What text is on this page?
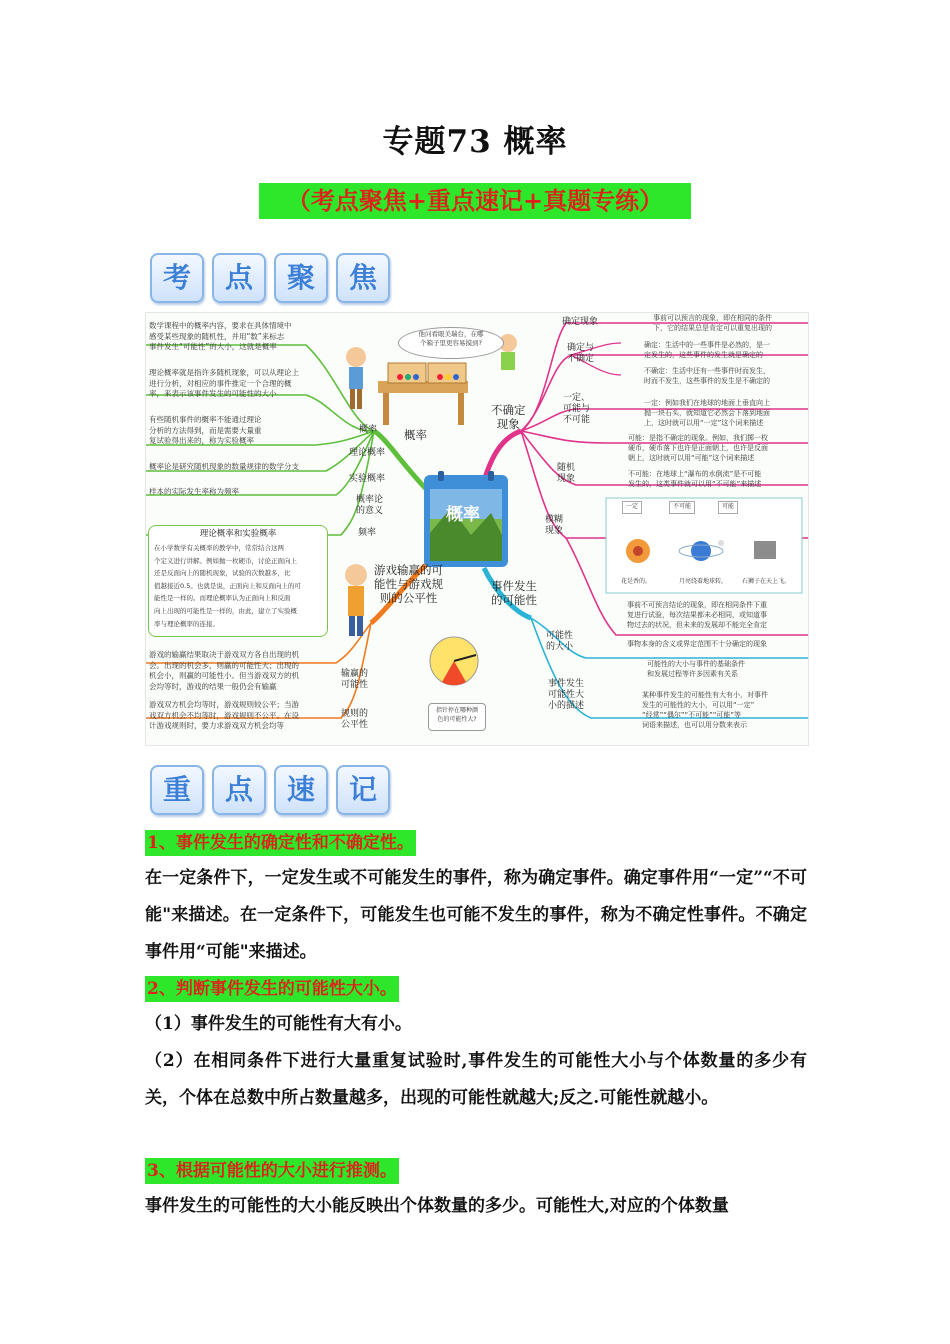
专题73 概率
（考点聚焦+重点速记+真题专练）
考	点	聚	焦
他问看眼美瑞台，在哪
个箱子里更容易摸到?
概率
不确定
现象
游戏输赢的可
能性与游戏规
则的公平性
事件发生
的可能性
概率
概率
理论概率
实验概率
概率论
的意义
频率
输赢的
可能性
规则的
公平性
数学课程中的概率内容，要求在具体情境中
感受某些现象的随机性，并用“数”来标志
事件发生“可能性”的大小，这就是概率
理论概率就是指许多随机现象，可以从理论上
进行分析，对相应的事件推定一个合理的概
率，来表示该事件发生的可能性的大小
有些随机事件的概率不能通过理论
分析的方法得到，而是需要大量重
复试验得出来的，称为实验概率
概率论是研究随机现象的数量规律的数学分支
样本的实际发生率称为频率
游戏的输赢结果取决于游戏双方各自出现的机
会。出现的机会多，则赢的可能性大；出现的
机会小，则赢的可能性小。但当游戏双方的机
会均等时，游戏的结果一般仍会有输赢
游戏双方机会均等时，游戏规则较公平；当游
戏双方机会不均等时，游戏规则不公平。在设
计游戏规则时，要力求游戏双方机会均等
理论概率和实验概率
在小学数学有关概率的教学中，常常结合这两
个定义进行讲解。例如抛一枚硬币，讨论正面向上
还是反面向上的随机现象，试验的次数越多，比
值越接近0.5。也就是说，正面向上和反面向上的可
能性是一样的。而理论概率认为正面向上和反面
向上出现的可能性是一样的，由此，建立了实验概
率与理论概率的连接。
指针停在哪种颜
色的可能性大?
确定现象
确定与
不确定
一定、
可能与
不可能
随机
现象
模糊
现象
可能性
的大小
事件发生
可能性大
小的描述
事前可以预言的现象，即在相同的条件
下，它的结果总是肯定可以重复出现的
确定：生活中的一些事件是必然的，是一
定发生的，这些事件的发生就是确定的
不确定：生活中还有一些事件时而发生，
时而不发生，这些事件的发生是不确定的
一定：例如我们在地球的地面上垂直向上
抛一块石头，就知道它必然会下落到地面
上，这时就可以用“一定”这个词来描述
可能：是指不确定的现象。例如，我们掷一枚
硬币，硬币落下也许是正面朝上，也许是反面
朝上，这时就可以用“可能”这个词来描述
不可能：在地球上“瀑布的水倒流”是不可能
发生的，这类事件就可以用“不可能”来描述
事前不可预言结论的现象，即在相同条件下重
复进行试验，每次结果都未必相同，或知道事
物过去的状况，但未来的发展却不能完全肯定
事物本身的含义或界定范围不十分确定的现象
可能性的大小与事件的基础条件
和发展过程等许多因素有关系
某种事件发生的可能性有大有小，对事件
发生的可能性的大小，可以用“一定”
“经常”“偶尔”“不可能”“可能”等
词语来描述，也可以用分数来表示
一定	不可能	可能
花是香的。	月亮绕着地球转。 石狮子在天上飞。
重	点	速	记
1、事件发生的确定性和不确定性。
在一定条件下，一定发生或不可能发生的事件，称为确定事件。确定事件用“一定”“不可能"来描述。在一定条件下，可能发生也可能不发生的事件，称为不确定性事件。不确定事件用“可能"来描述。
2、判断事件发生的可能性大小。
（1）事件发生的可能性有大有小。
（2）在相同条件下进行大量重复试验时,事件发生的可能性大小与个体数量的多少有关，个体在总数中所占数量越多，出现的可能性就越大;反之.可能性就越小。
3、根据可能性的大小进行推测。
事件发生的可能性的大小能反映出个体数量的多少。可能性大,对应的个体数量
